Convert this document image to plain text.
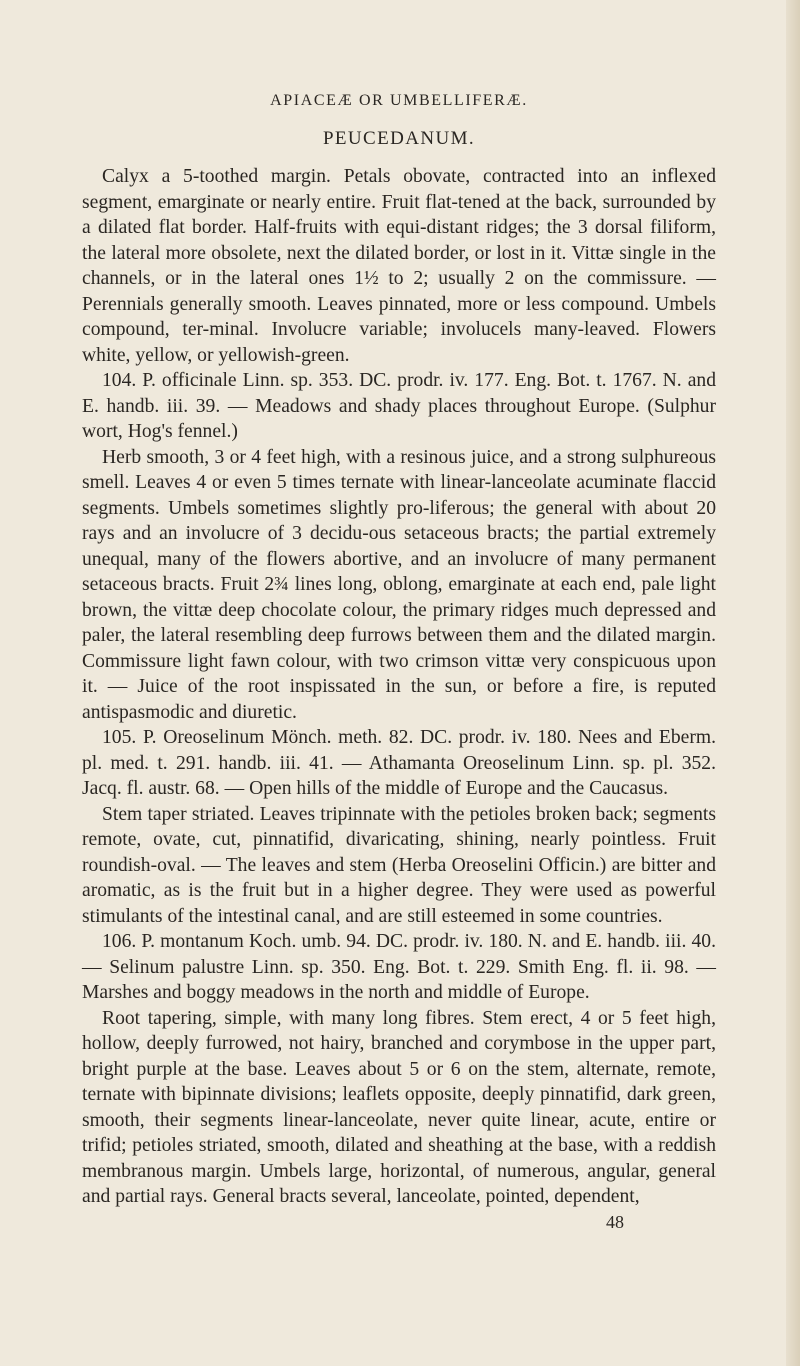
APIACEÆ OR UMBELLIFERÆ.
PEUCEDANUM.

Calyx a 5-toothed margin. Petals obovate, contracted into an inflexed segment, emarginate or nearly entire. Fruit flat-tened at the back, surrounded by a dilated flat border. Half-fruits with equi-distant ridges; the 3 dorsal filiform, the lateral more obsolete, next the dilated border, or lost in it. Vittæ single in the channels, or in the lateral ones 1½ to 2; usually 2 on the commissure. — Perennials generally smooth. Leaves pinnated, more or less compound. Umbels compound, ter-minal. Involucre variable; involucels many-leaved. Flowers white, yellow, or yellowish-green.

104. P. officinale Linn. sp. 353. DC. prodr. iv. 177. Eng. Bot. t. 1767. N. and E. handb. iii. 39. — Meadows and shady places throughout Europe. (Sulphur wort, Hog's fennel.)

Herb smooth, 3 or 4 feet high, with a resinous juice, and a strong sulphureous smell. Leaves 4 or even 5 times ternate with linear-lanceolate acuminate flaccid segments. Umbels sometimes slightly pro-liferous; the general with about 20 rays and an involucre of 3 decidu-ous setaceous bracts; the partial extremely unequal, many of the flowers abortive, and an involucre of many permanent setaceous bracts. Fruit 2¾ lines long, oblong, emarginate at each end, pale light brown, the vittæ deep chocolate colour, the primary ridges much depressed and paler, the lateral resembling deep furrows between them and the dilated margin. Commissure light fawn colour, with two crimson vittæ very conspicuous upon it. — Juice of the root inspissated in the sun, or before a fire, is reputed antispasmodic and diuretic.

105. P. Oreoselinum Mönch. meth. 82. DC. prodr. iv. 180. Nees and Eberm. pl. med. t. 291. handb. iii. 41. — Athamanta Oreoselinum Linn. sp. pl. 352. Jacq. fl. austr. 68. — Open hills of the middle of Europe and the Caucasus.

Stem taper striated. Leaves tripinnate with the petioles broken back; segments remote, ovate, cut, pinnatifid, divaricating, shining, nearly pointless. Fruit roundish-oval. — The leaves and stem (Herba Oreoselini Officin.) are bitter and aromatic, as is the fruit but in a higher degree. They were used as powerful stimulants of the intestinal canal, and are still esteemed in some countries.

106. P. montanum Koch. umb. 94. DC. prodr. iv. 180. N. and E. handb. iii. 40. — Selinum palustre Linn. sp. 350. Eng. Bot. t. 229. Smith Eng. fl. ii. 98. — Marshes and boggy meadows in the north and middle of Europe.

Root tapering, simple, with many long fibres. Stem erect, 4 or 5 feet high, hollow, deeply furrowed, not hairy, branched and corymbose in the upper part, bright purple at the base. Leaves about 5 or 6 on the stem, alternate, remote, ternate with bipinnate divisions; leaflets opposite, deeply pinnatifid, dark green, smooth, their segments linear-lanceolate, never quite linear, acute, entire or trifid; petioles striated, smooth, dilated and sheathing at the base, with a reddish membranous margin. Umbels large, horizontal, of numerous, angular, general and partial rays. General bracts several, lanceolate, pointed, dependent,

48
